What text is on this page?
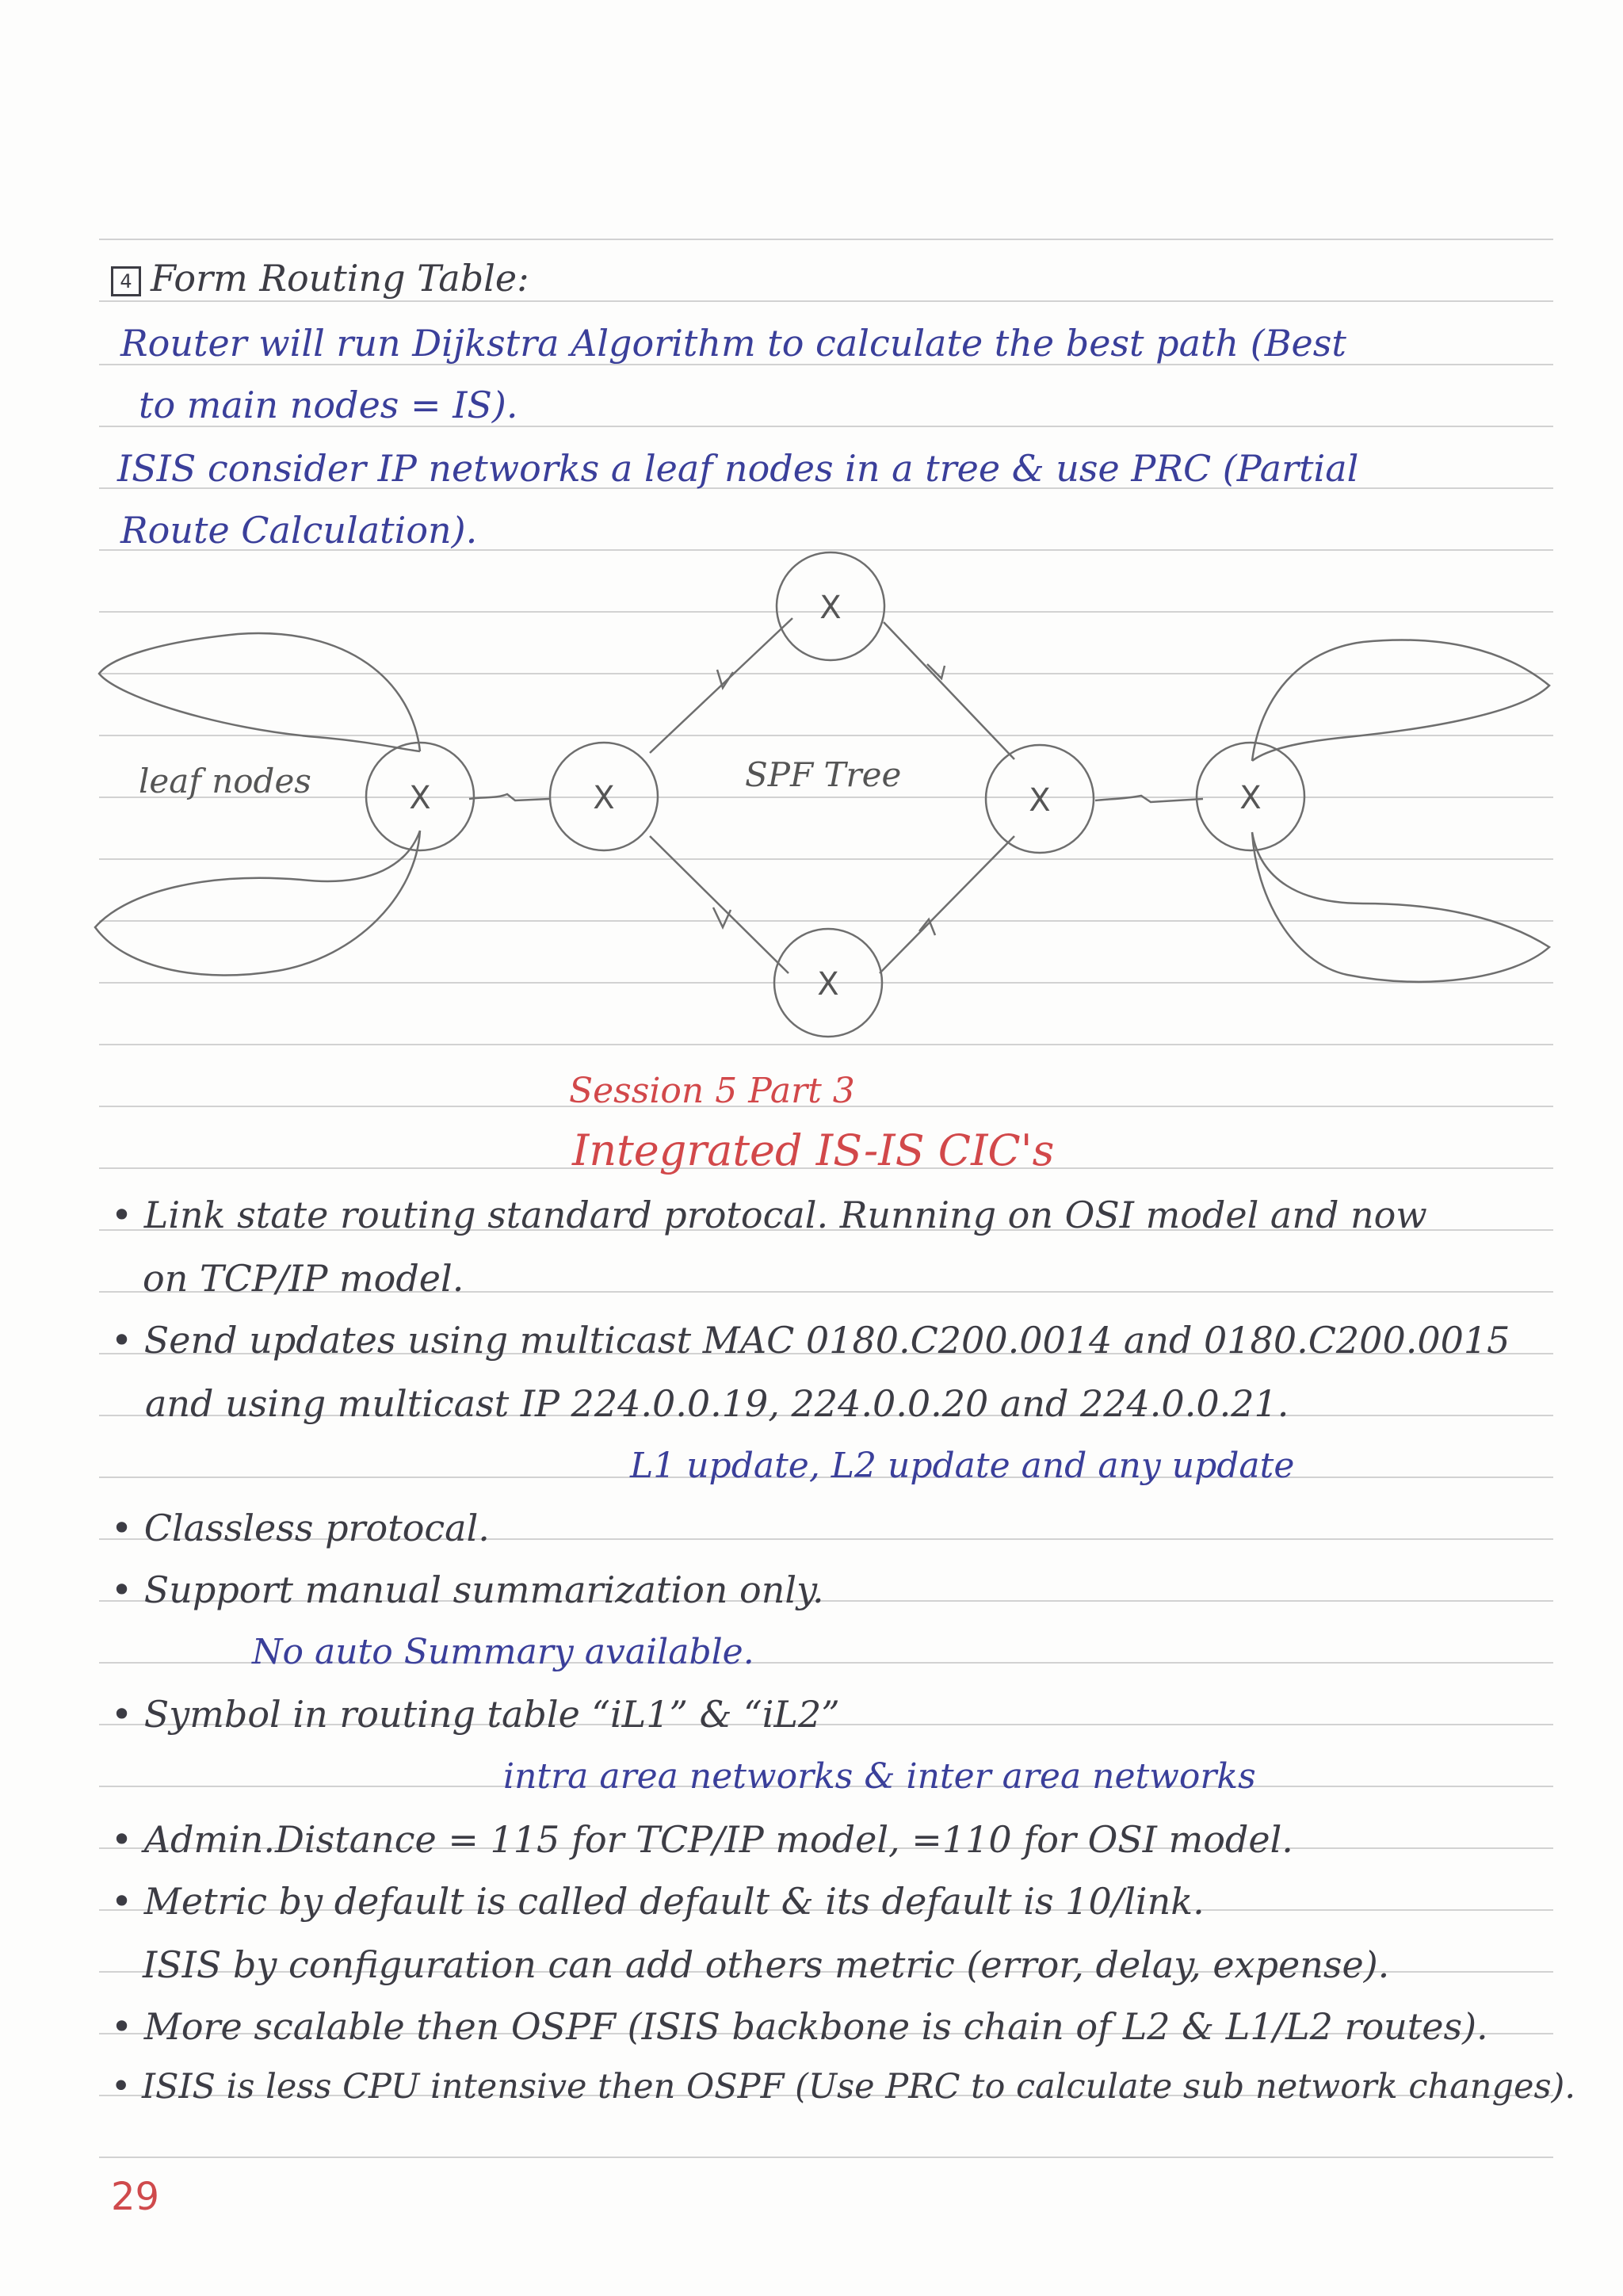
4 Form Routing Table:
Router will run Dijkstra Algorithm to calculate the best path (Best
to main nodes = IS).
ISIS consider IP networks a leaf nodes in a tree & use PRC (Partial
Route Calculation).
X	X
X
X
X	X
leaf nodes	SPF Tree
Session 5 Part 3
Integrated IS-IS CIC's
• Link state routing standard protocal. Running on OSI model and now
on TCP/IP model.
• Send updates using multicast MAC 0180.C200.0014 and 0180.C200.0015
and using multicast IP 224.0.0.19, 224.0.0.20 and 224.0.0.21.
L1 update, L2 update and any update
• Classless protocal.
• Support manual summarization only.
No auto Summary available.
• Symbol in routing table “iL1” & “iL2”
intra area networks & inter area networks
• Admin.Distance = 115 for TCP/IP model, =110 for OSI model.
• Metric by default is called default & its default is 10/link.
ISIS by configuration can add others metric (error, delay, expense).
• More scalable then OSPF (ISIS backbone is chain of L2 & L1/L2 routes).
• ISIS is less CPU intensive then OSPF (Use PRC to calculate sub network changes).
29
